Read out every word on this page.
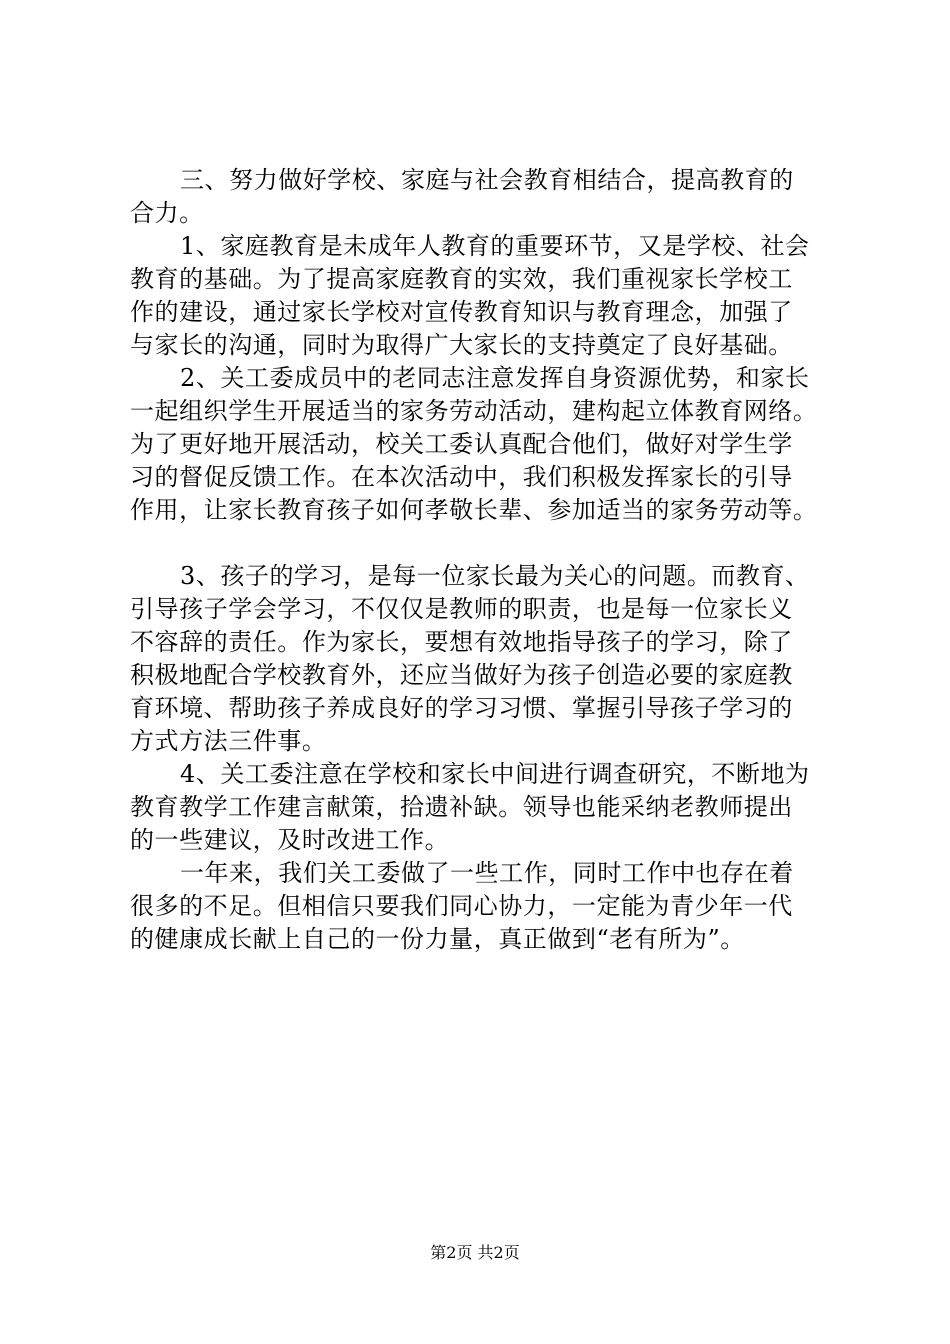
三、努力做好学校、家庭与社会教育相结合，提高教育的
合力。

1、家庭教育是未成年人教育的重要环节，又是学校、社会
教育的基础。为了提高家庭教育的实效，我们重视家长学校工
作的建设，通过家长学校对宣传教育知识与教育理念，加强了
与家长的沟通，同时为取得广大家长的支持奠定了良好基础。

2、关工委成员中的老同志注意发挥自身资源优势，和家长
一起组织学生开展适当的家务劳动活动，建构起立体教育网络。
为了更好地开展活动，校关工委认真配合他们，做好对学生学
习的督促反馈工作。在本次活动中，我们积极发挥家长的引导
作用，让家长教育孩子如何孝敬长辈、参加适当的家务劳动等。

3、孩子的学习，是每一位家长最为关心的问题。而教育、
引导孩子学会学习，不仅仅是教师的职责，也是每一位家长义
不容辞的责任。作为家长，要想有效地指导孩子的学习，除了
积极地配合学校教育外，还应当做好为孩子创造必要的家庭教
育环境、帮助孩子养成良好的学习习惯、掌握引导孩子学习的
方式方法三件事。

4、关工委注意在学校和家长中间进行调查研究，不断地为
教育教学工作建言献策，拾遗补缺。领导也能采纳老教师提出
的一些建议，及时改进工作。

一年来，我们关工委做了一些工作，同时工作中也存在着
很多的不足。但相信只要我们同心协力，一定能为青少年一代
的健康成长献上自己的一份力量，真正做到“老有所为”。

第2页 共2页
